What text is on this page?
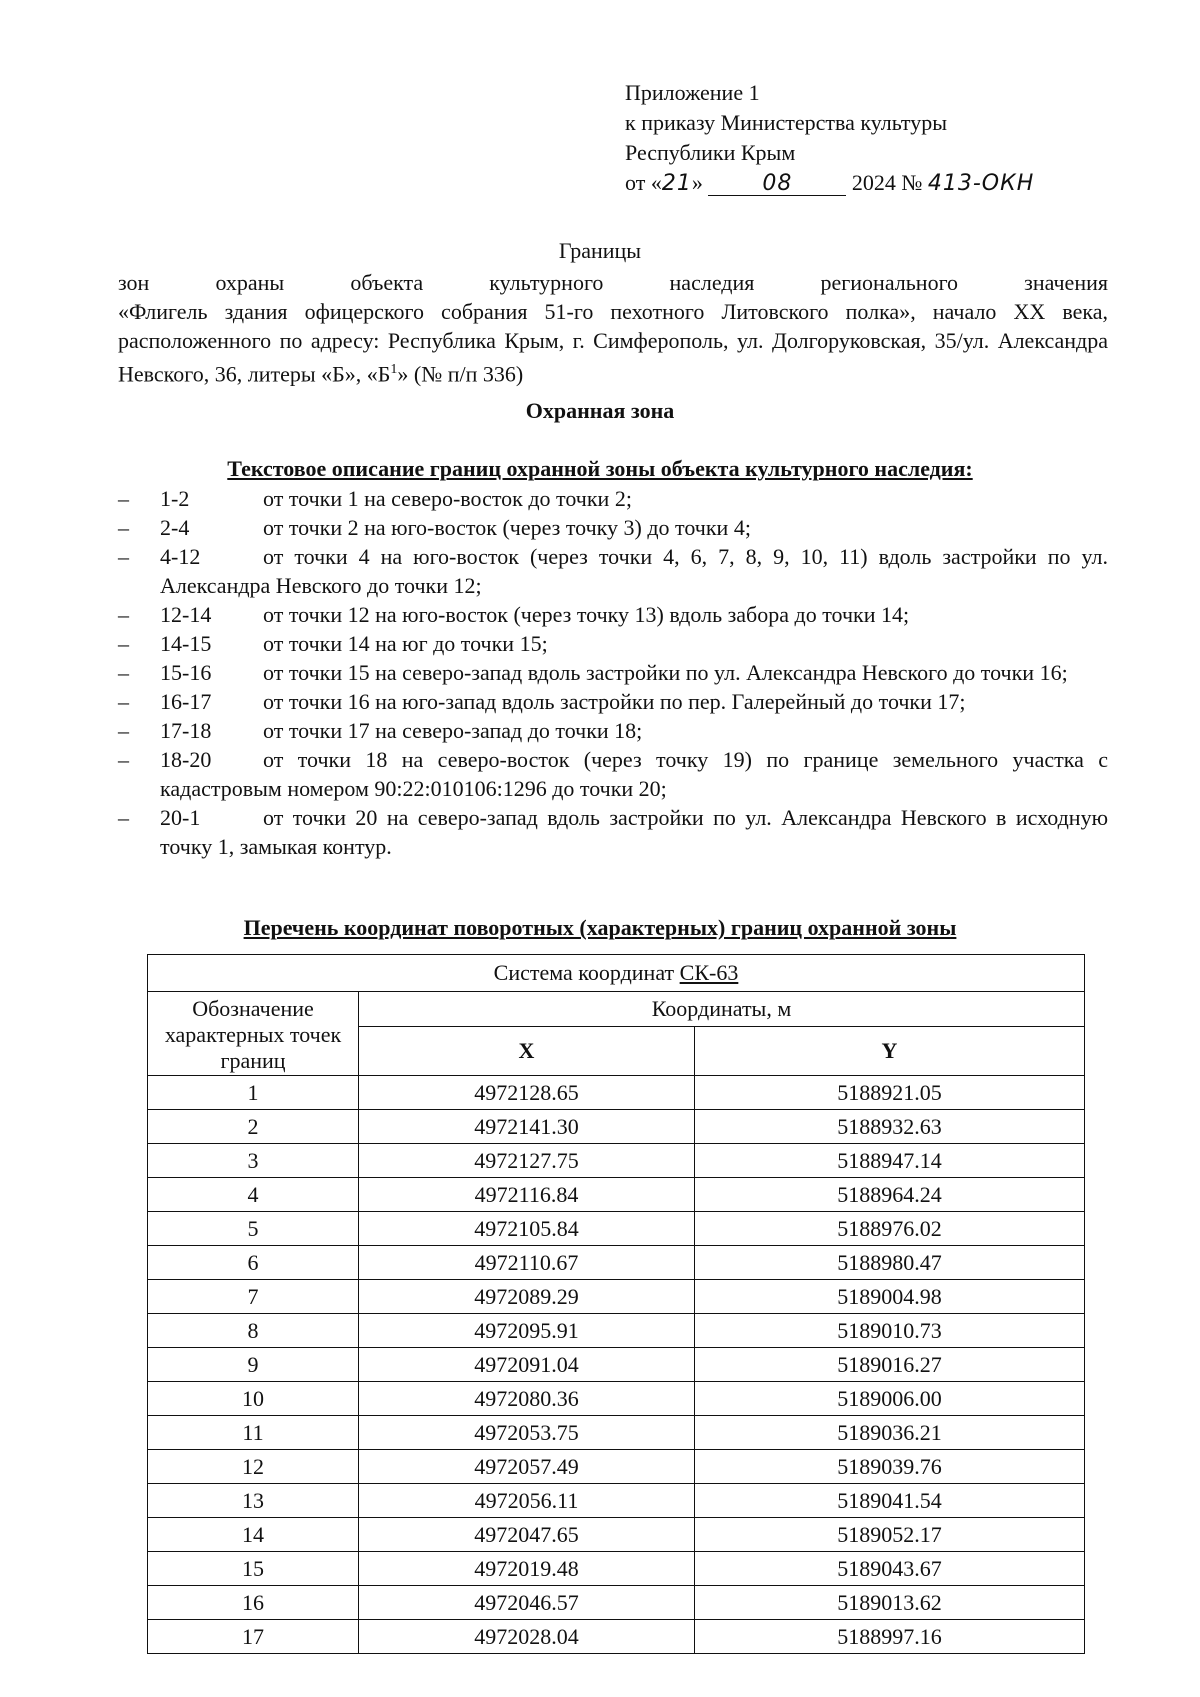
Приложение 1
к приказу Министерства культуры
Республики Крым
от «21»	08	2024 № 413-ОКН
Границы
зон охраны объекта культурного наследия регионального значения
«Флигель здания офицерского собрания 51-го пехотного Литовского полка», начало XX века, расположенного по адресу: Республика Крым, г. Симферополь, ул. Долгоруковская, 35/ул. Александра Невского, 36, литеры «Б», «$Б^1$» (№ п/п 336)
Охранная зона
Текстовое описание границ охранной зоны объекта культурного наследия:
– 1-2	от точки 1 на северо-восток до точки 2;
– 2-4	от точки 2 на юго-восток (через точку 3) до точки 4;
– 4-12	от точки 4 на юго-восток (через точки 4, 6, 7, 8, 9, 10, 11) вдоль застройки по ул. Александра Невского до точки 12;
– 12-14 от точки 12 на юго-восток (через точку 13) вдоль забора до точки 14;
– 14-15 от точки 14 на юг до точки 15;
– 15-16 от точки 15 на северо-запад вдоль застройки по ул. Александра Невского до точки 16;
– 16-17 от точки 16 на юго-запад вдоль застройки по пер. Галерейный до точки 17;
– 17-18 от точки 17 на северо-запад до точки 18;
– 18-20 от точки 18 на северо-восток (через точку 19) по границе земельного участка с кадастровым номером 90:22:010106:1296 до точки 20;
– 20-1	от точки 20 на северо-запад вдоль застройки по ул. Александра Невского в исходную точку 1, замыкая контур.
Перечень координат поворотных (характерных) границ охранной зоны
Система координат СК-63		
Обозначение характерных точек границ	Координаты, м	
	X	Y
1	4972128.65	5188921.05
2	4972141.30	5188932.63
3	4972127.75	5188947.14
4	4972116.84	5188964.24
5	4972105.84	5188976.02
6	4972110.67	5188980.47
7	4972089.29	5189004.98
8	4972095.91	5189010.73
9	4972091.04	5189016.27
10	4972080.36	5189006.00
11	4972053.75	5189036.21
12	4972057.49	5189039.76
13	4972056.11	5189041.54
14	4972047.65	5189052.17
15	4972019.48	5189043.67
16	4972046.57	5189013.62
17	4972028.04	5188997.16
